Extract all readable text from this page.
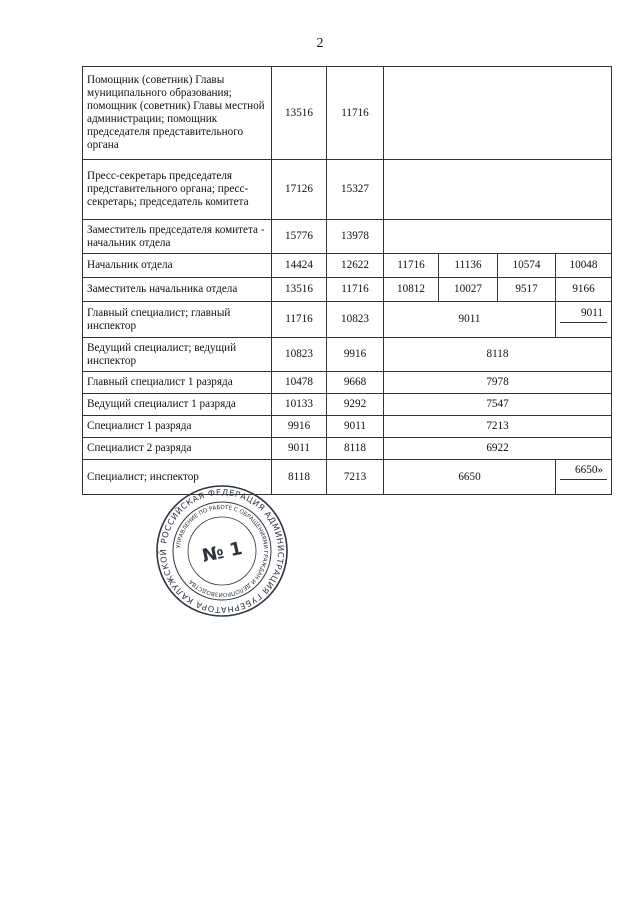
2
Помощник (советник) Главы муниципального образования; помощник (советник) Главы местной администрации; помощник председателя представительного органа	13516	11716				
Пресс-секретарь председателя представительного органа; пресс-секретарь; председатель комитета	17126	15327				
Заместитель председателя комитета - начальник отдела	15776	13978				
Начальник отдела	14424	12622	11716	11136	10574	10048
Заместитель начальника отдела	13516	11716	10812	10027	9517	9166
Главный специалист; главный инспектор	11716	10823	9011			9011

Ведущий специалист; ведущий инспектор	10823	9916	8118			
Главный специалист 1 разряда	10478	9668	7978			
Ведущий специалист 1 разряда	10133	9292	7547			
Специалист 1 разряда	9916	9011	7213			
Специалист 2 разряда	9011	8118	6922			
Специалист; инспектор	8118	7213	6650			6650»
РОССИЙСКАЯ ФЕДЕРАЦИЯ АДМИНИСТРАЦИЯ ГУБЕРНАТОРА КАЛУЖСКОЙ
УПРАВЛЕНИЕ ПО РАБОТЕ С ОБРАЩЕНИЯМИ ГРАЖДАН И ДЕЛОПРОИЗВОДСТВА
№ 1
